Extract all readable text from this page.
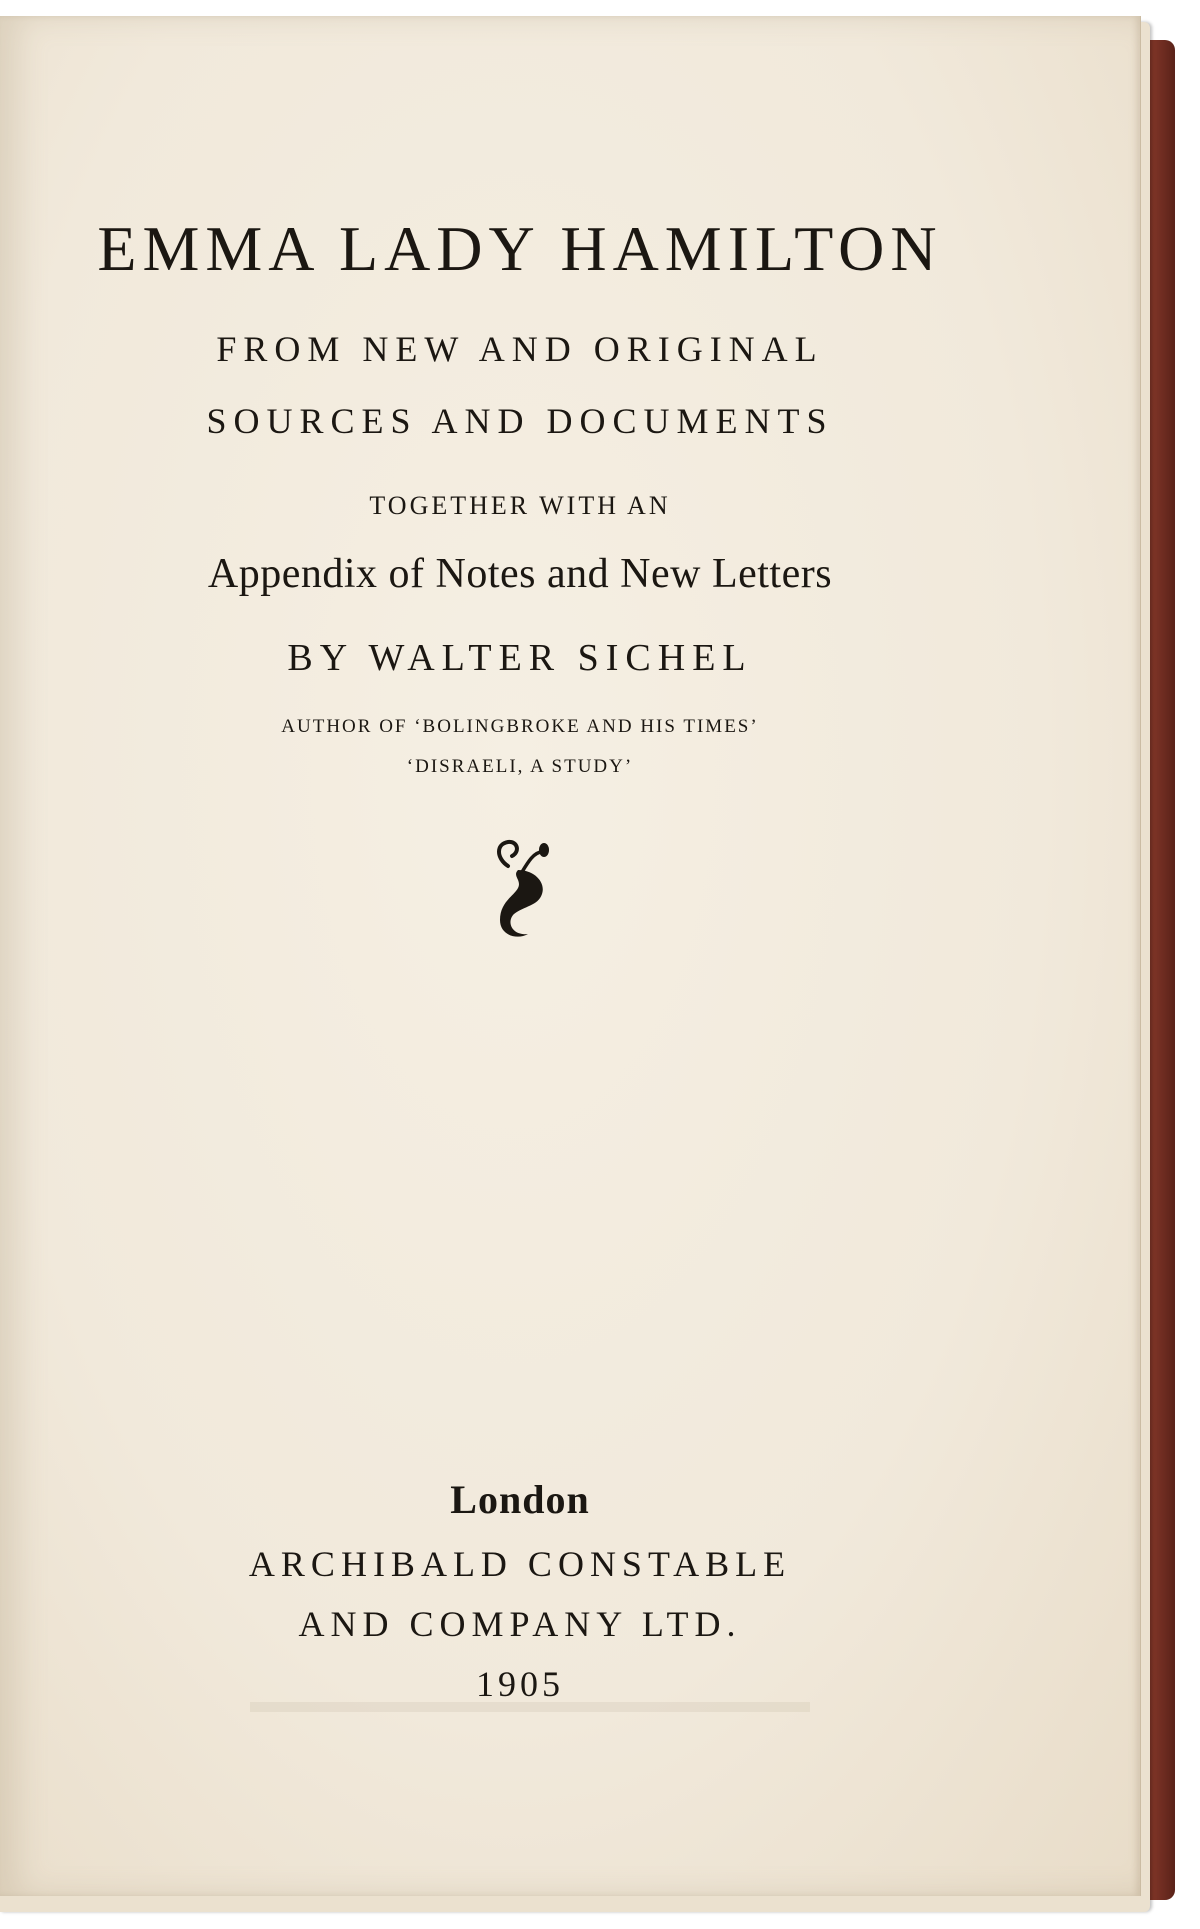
EMMA LADY HAMILTON
FROM NEW AND ORIGINAL
SOURCES AND DOCUMENTS
TOGETHER WITH AN
Appendix of Notes and New Letters
BY WALTER SICHEL
AUTHOR OF ‘BOLINGBROKE AND HIS TIMES’
‘DISRAELI, A STUDY’
London
ARCHIBALD CONSTABLE
AND COMPANY LTD.
1905
